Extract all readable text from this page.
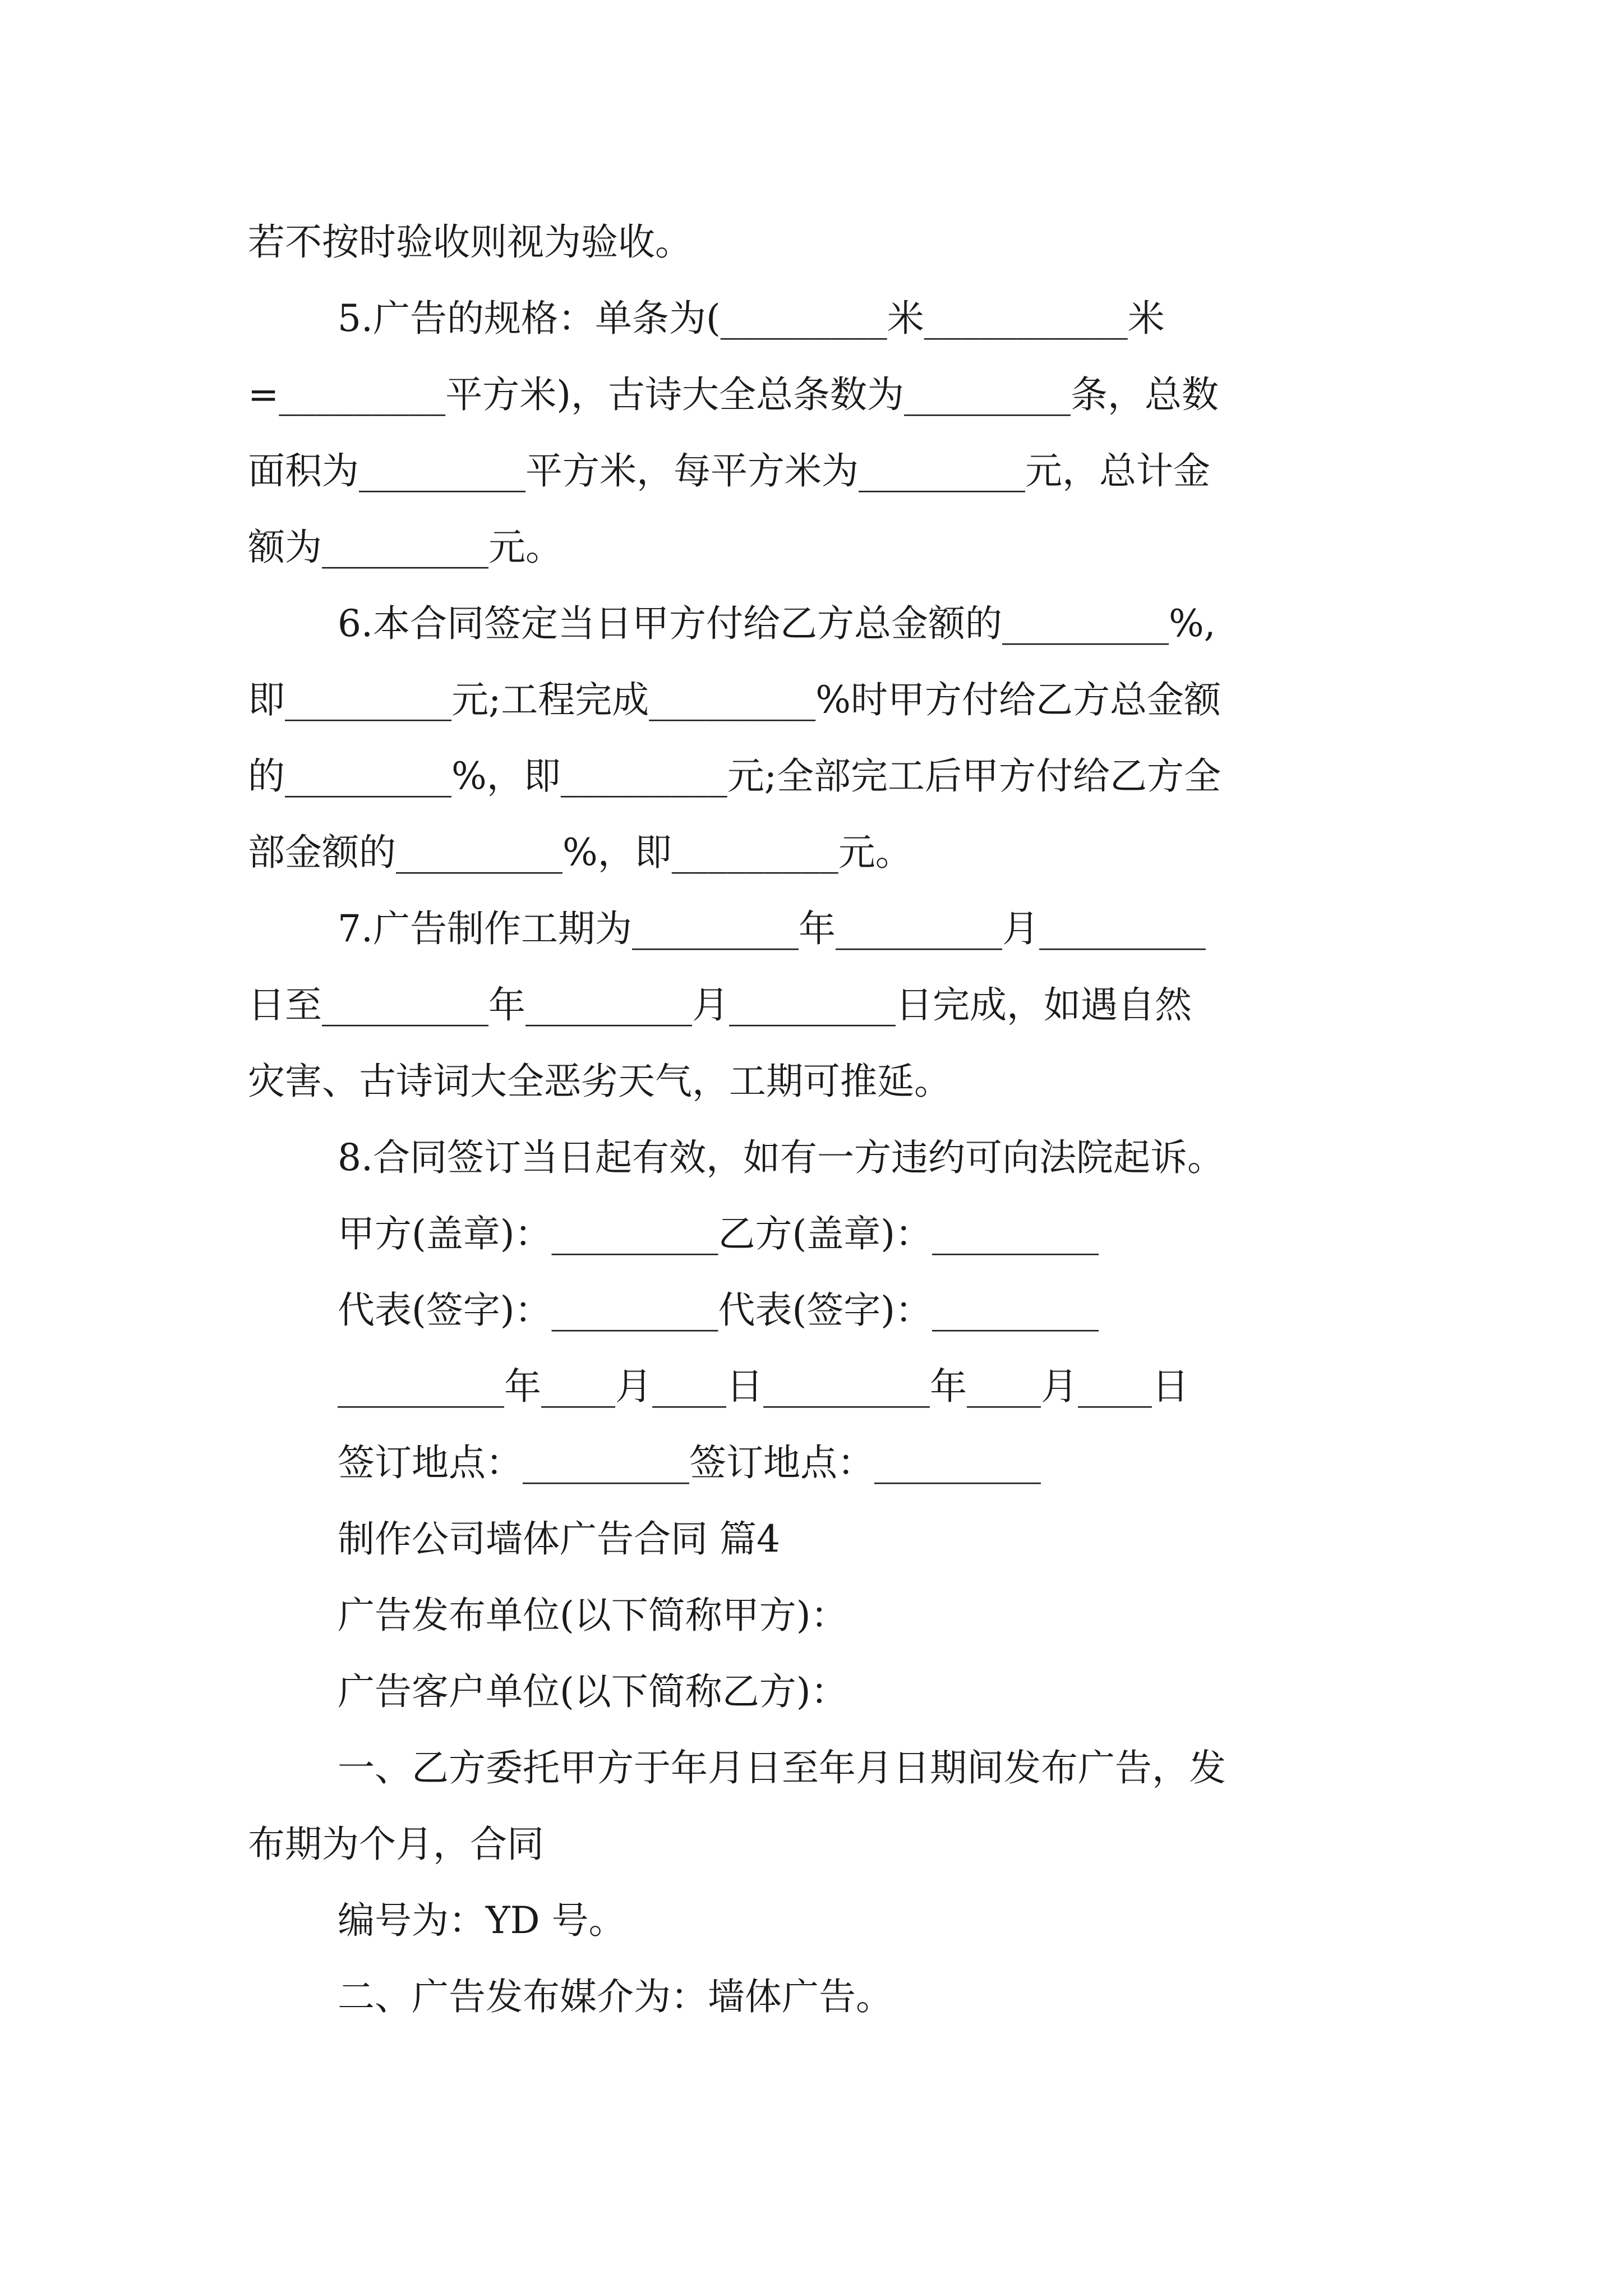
若不按时验收则视为验收。
5.广告的规格：单条为(_________米___________米
=_________平方米)，古诗大全总条数为_________条，总数
面积为_________平方米，每平方米为_________元，总计金
额为_________元。
6.本合同签定当日甲方付给乙方总金额的_________%,
即_________元;工程完成_________%时甲方付给乙方总金额
的_________%，即_________元;全部完工后甲方付给乙方全
部金额的_________%，即_________元。
7.广告制作工期为_________年_________月_________
日至_________年_________月_________日完成，如遇自然
灾害、古诗词大全恶劣天气，工期可推延。
8.合同签订当日起有效，如有一方违约可向法院起诉。
甲方(盖章)：_________乙方(盖章)：_________
代表(签字)：_________代表(签字)：_________
_________年____月____日_________年____月____日
签订地点：_________签订地点：_________
制作公司墙体广告合同 篇4
广告发布单位(以下简称甲方)：
广告客户单位(以下简称乙方)：
一、乙方委托甲方于年月日至年月日期间发布广告，发
布期为个月，合同
编号为：YD 号。
二、广告发布媒介为：墙体广告。
